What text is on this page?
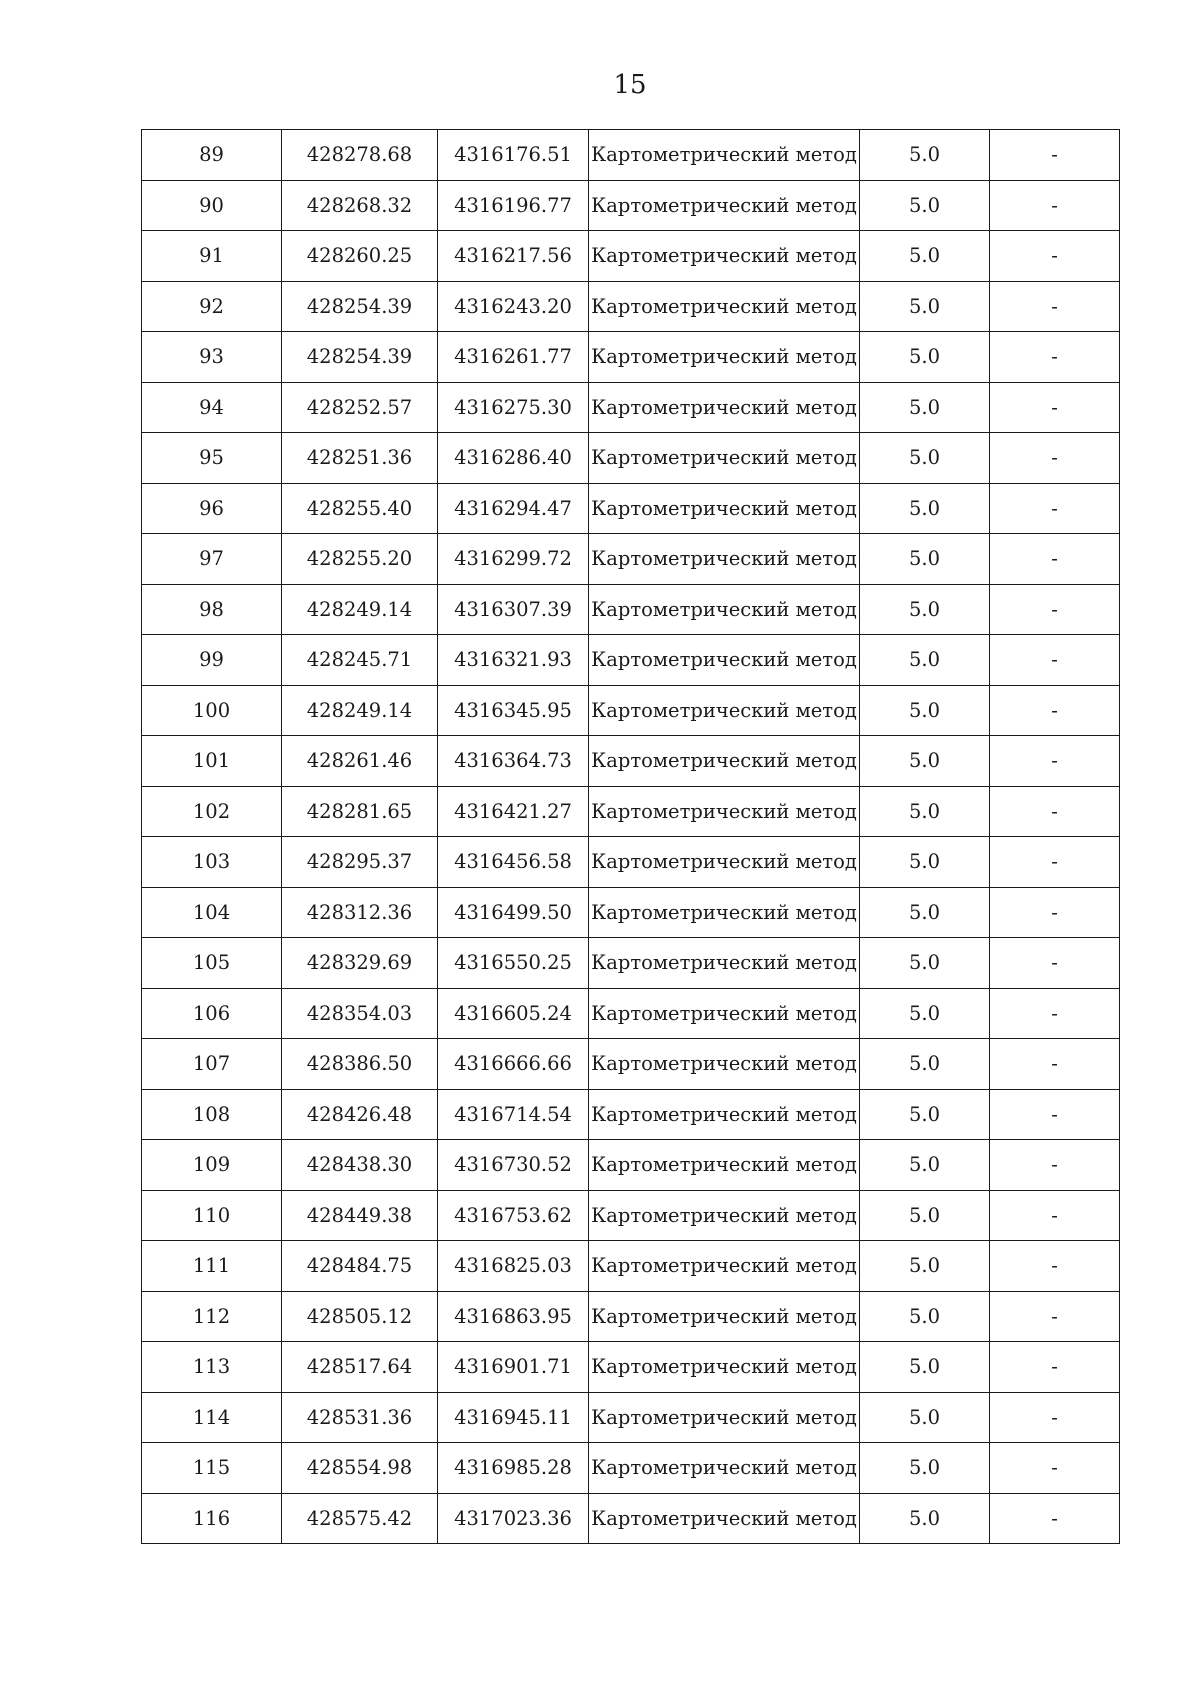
15
89	428278.68	4316176.51	Картометрический метод	5.0	-
90	428268.32	4316196.77	Картометрический метод	5.0	-
91	428260.25	4316217.56	Картометрический метод	5.0	-
92	428254.39	4316243.20	Картометрический метод	5.0	-
93	428254.39	4316261.77	Картометрический метод	5.0	-
94	428252.57	4316275.30	Картометрический метод	5.0	-
95	428251.36	4316286.40	Картометрический метод	5.0	-
96	428255.40	4316294.47	Картометрический метод	5.0	-
97	428255.20	4316299.72	Картометрический метод	5.0	-
98	428249.14	4316307.39	Картометрический метод	5.0	-
99	428245.71	4316321.93	Картометрический метод	5.0	-
100	428249.14	4316345.95	Картометрический метод	5.0	-
101	428261.46	4316364.73	Картометрический метод	5.0	-
102	428281.65	4316421.27	Картометрический метод	5.0	-
103	428295.37	4316456.58	Картометрический метод	5.0	-
104	428312.36	4316499.50	Картометрический метод	5.0	-
105	428329.69	4316550.25	Картометрический метод	5.0	-
106	428354.03	4316605.24	Картометрический метод	5.0	-
107	428386.50	4316666.66	Картометрический метод	5.0	-
108	428426.48	4316714.54	Картометрический метод	5.0	-
109	428438.30	4316730.52	Картометрический метод	5.0	-
110	428449.38	4316753.62	Картометрический метод	5.0	-
111	428484.75	4316825.03	Картометрический метод	5.0	-
112	428505.12	4316863.95	Картометрический метод	5.0	-
113	428517.64	4316901.71	Картометрический метод	5.0	-
114	428531.36	4316945.11	Картометрический метод	5.0	-
115	428554.98	4316985.28	Картометрический метод	5.0	-
116	428575.42	4317023.36	Картометрический метод	5.0	-
